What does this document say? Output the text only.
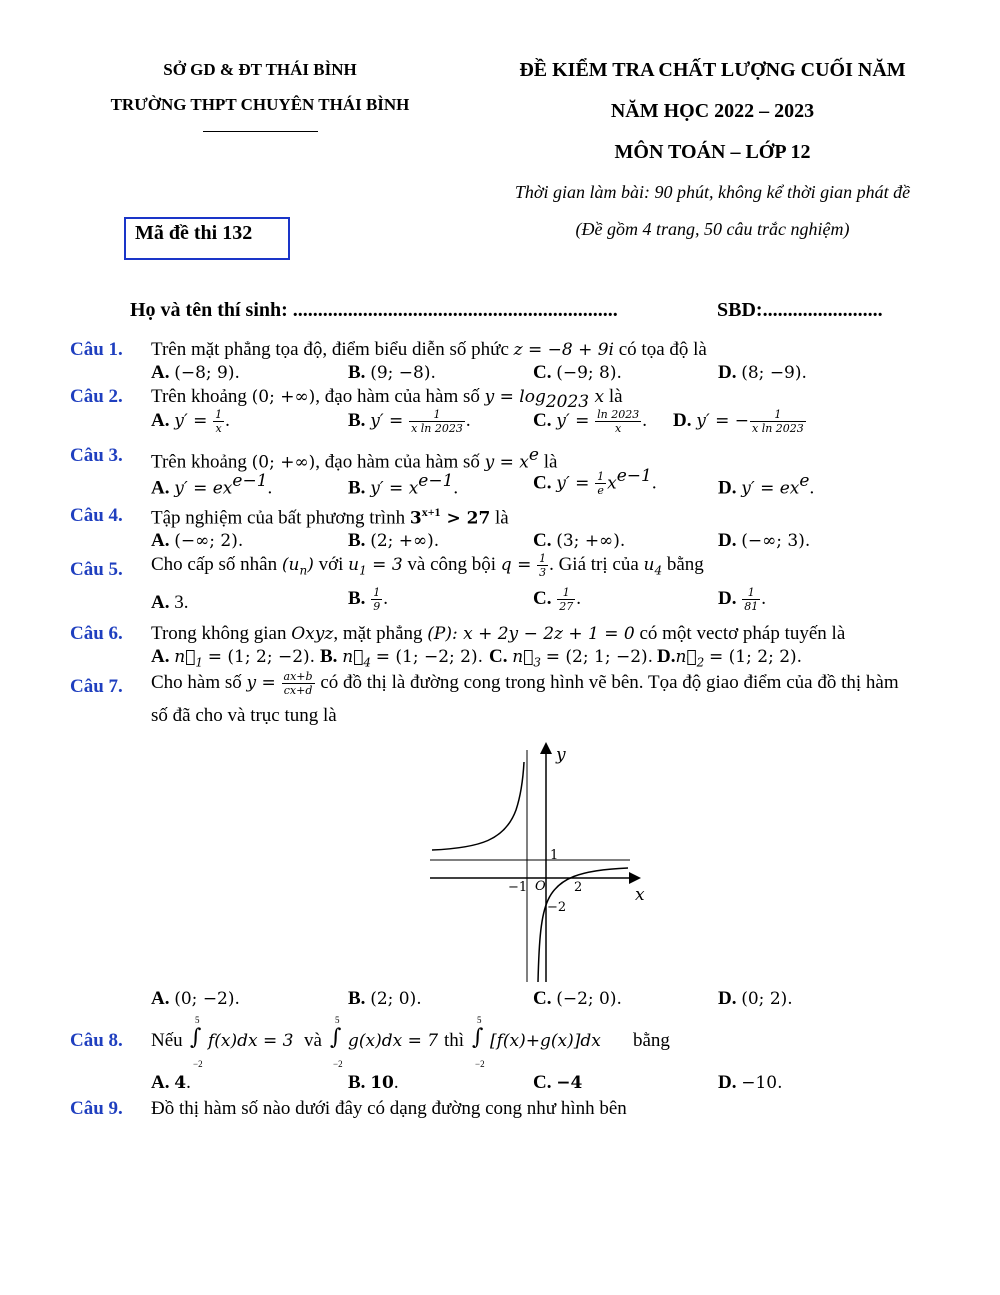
SỞ GD & ĐT THÁI BÌNH
TRƯỜNG THPT CHUYÊN THÁI BÌNH
ĐỀ KIỂM TRA CHẤT LƯỢNG CUỐI NĂM
NĂM HỌC 2022 – 2023
MÔN TOÁN – LỚP 12
Thời gian làm bài: 90 phút, không kể thời gian phát đề
(Đề gồm 4 trang, 50 câu trắc nghiệm)
Mã đề thi 132
Họ và tên thí sinh: .................................................................	SBD:........................
Câu 1. Trên mặt phẳng tọa độ, điểm biểu diễn số phức z = −8 + 9i có tọa độ là
A. (−8; 9).	B. (9; −8).	C. (−9; 8).	D. (8; −9).
Câu 2. Trên khoảng (0; +∞), đạo hàm của hàm số $y = \log_{2023} x$ là
A. $y' = \frac{1}{x}$ .	B. $y' = \frac{1}{\text{x ln 2023}}$ .	C. $y' = \frac{\ln 2023}{x}$ . D. y′ = − $\frac{1}{\text{x ln 2023}}$
Câu 3. Trên khoảng (0; +∞), đạo hàm của hàm số $y = x^e$ là
A. $y' = ex^{e-1}$.	B. $y' = x^{e-1}$.	C. $y' = \frac{1}{e} x^{e-1}$.	D. $y' = ex^e$.
Câu 4. Tập nghiệm của bất phương trình $3^{x+1} > 27$ là
A. (−∞; 2).	B. (2; +∞).	C. (3; +∞).	D. (−∞; 3).
Câu 5. Cho cấp số nhân $(u_n)$ với $u_1 = 3$ và công bội $q = \frac{1}{3}$ . Giá trị của $u_4$ bằng
A. 3.	B. $\frac{1}{9}$ .	C. $\frac{1}{27}$ .	D. $\frac{1}{81}$ .
Câu 6. Trong không gian Oxyz, mặt phẳng (P): x + 2y − 2z + 1 = 0 có một vectơ pháp tuyến là
A. $n⃗_1 = (1$; 2; −2). B. $n⃗_4 = (1$; −2; 2). C. $n⃗_3 = (2$; 1; −2). $D.n⃗_2 = (1$; 2; 2).
Câu 7. Cho hàm số $y = \frac{ax+b}{cx+d}$ có đồ thị là đường cong trong hình vẽ bên. Tọa độ giao điểm của đồ thị hàm
số đã cho và trục tung là
y
x
O
1
−1	2
−2
A. (0; −2).	B. (2; 0).	C. (−2; 0).	D. (0; 2).
Câu 8. Nếu
5
∫
−2
f(x)dx = 3 và
5
∫
−2
g(x)dx = 7 thì
5
∫
−2
[f(x)+g(x)]dx bằng
A. 4.	B. 10.	C. −4	D. −10.
Câu 9. Đồ thị hàm số nào dưới đây có dạng đường cong như hình bên
